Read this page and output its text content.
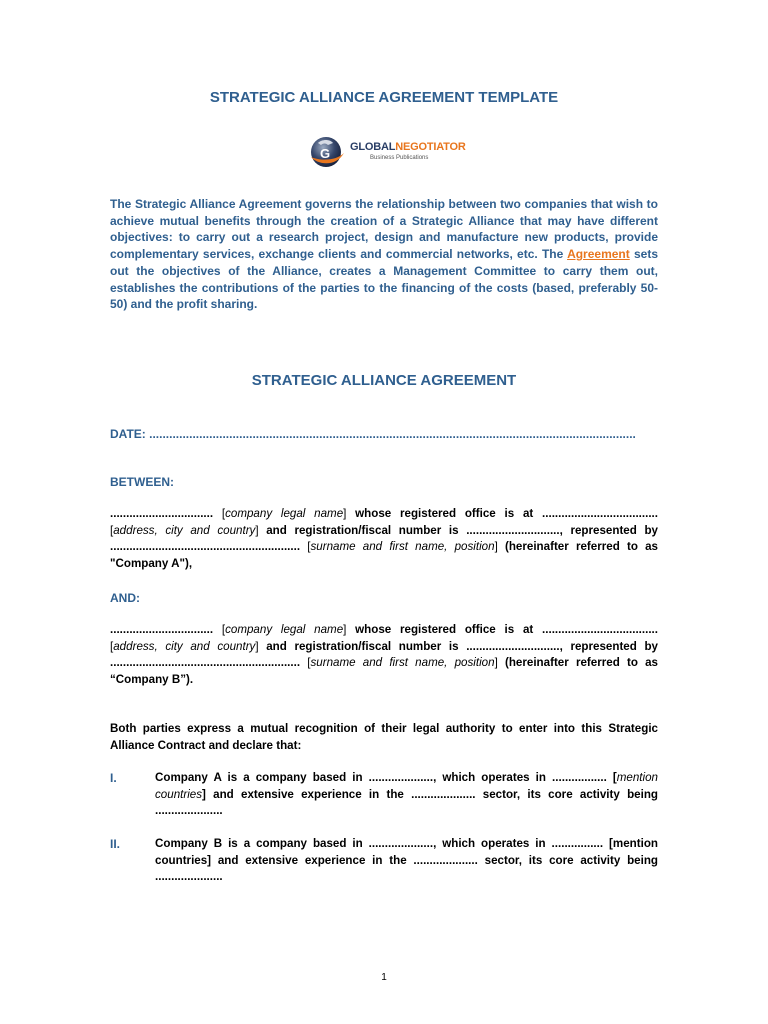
STRATEGIC ALLIANCE AGREEMENT TEMPLATE
G GLOBALNEGOTIATOR
Business Publications

The Strategic Alliance Agreement governs the relationship between two companies that wish to achieve mutual benefits through the creation of a Strategic Alliance that may have different objectives: to carry out a research project, design and manufacture new products, provide complementary services, exchange clients and commercial networks, etc. The Agreement sets out the objectives of the Alliance, creates a Management Committee to carry them out, establishes the contributions of the parties to the financing of the costs (based, preferably 50-50) and the profit sharing.

STRATEGIC ALLIANCE AGREEMENT

DATE: ..................................................................................................................................................

BETWEEN:

................................ [company legal name] whose registered office is at .................................... [address, city and country] and registration/fiscal number is ............................., represented by ........................................................... [surname and first name, position] (hereinafter referred to as "Company A"),

AND:

................................ [company legal name] whose registered office is at .................................... [address, city and country] and registration/fiscal number is ............................., represented by ........................................................... [surname and first name, position] (hereinafter referred to as “Company B”).

Both parties express a mutual recognition of their legal authority to enter into this Strategic Alliance Contract and declare that:

I.	Company A is a company based in ...................., which operates in ................. [mention countries] and extensive experience in the .................... sector, its core activity being .....................
II.	Company B is a company based in ...................., which operates in ................ [mention countries] and extensive experience in the .................... sector, its core activity being .....................
1
